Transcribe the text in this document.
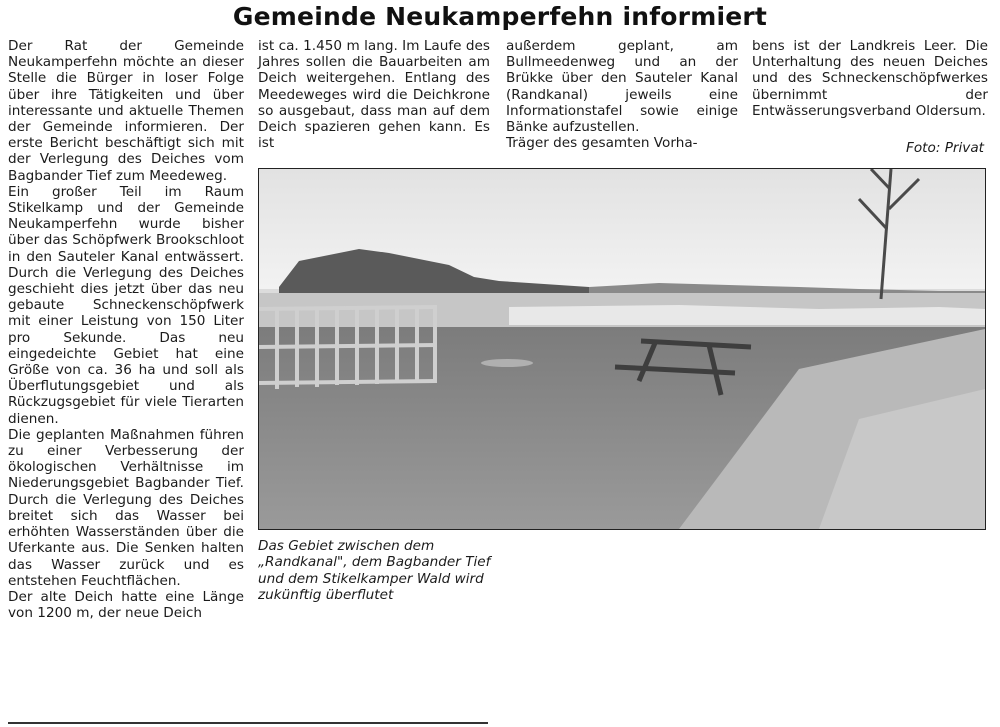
Gemeinde Neukamperfehn informiert

Der Rat der Gemeinde Neukamperfehn möchte an dieser Stelle die Bürger in loser Folge über ihre Tätigkeiten und über interessante und aktuelle Themen der Gemeinde informieren. Der erste Bericht beschäftigt sich mit der Verlegung des Deiches vom Bagbander Tief zum Meedeweg.

Ein großer Teil im Raum Stikelkamp und der Gemeinde Neukamperfehn wurde bisher über das Schöpfwerk Brookschloot in den Sauteler Kanal entwässert. Durch die Verlegung des Deiches geschieht dies jetzt über das neu gebaute Schneckenschöpfwerk mit einer Leistung von 150 Liter pro Sekunde. Das neu eingedeichte Gebiet hat eine Größe von ca. 36 ha und soll als Überflutungsgebiet und als Rückzugsgebiet für viele Tierarten dienen.

Die geplanten Maßnahmen führen zu einer Verbesserung der ökologischen Verhältnisse im Niederungsgebiet Bagbander Tief. Durch die Verlegung des Deiches breitet sich das Wasser bei erhöhten Wasserständen über die Uferkante aus. Die Senken halten das Wasser zurück und es entstehen Feuchtflächen.

Der alte Deich hatte eine Länge von 1200 m, der neue Deich

ist ca. 1.450 m lang. Im Laufe des Jahres sollen die Bauarbeiten am Deich weitergehen. Entlang des Meedeweges wird die Deichkrone so ausgebaut, dass man auf dem Deich spazieren gehen kann. Es ist

außerdem geplant, am Bullmeedenweg und an der Brükke über den Sauteler Kanal (Randkanal) jeweils eine Informationstafel sowie einige Bänke aufzustellen.

Träger des gesamten Vorha-

bens ist der Landkreis Leer. Die Unterhaltung des neuen Deiches und des Schneckenschöpfwerkes übernimmt der Entwässerungsverband Oldersum.

Foto: Privat
Das Gebiet zwischen dem „Randkanal", dem Bagbander Tief und dem Stikelkamper Wald wird zukünftig überflutet
